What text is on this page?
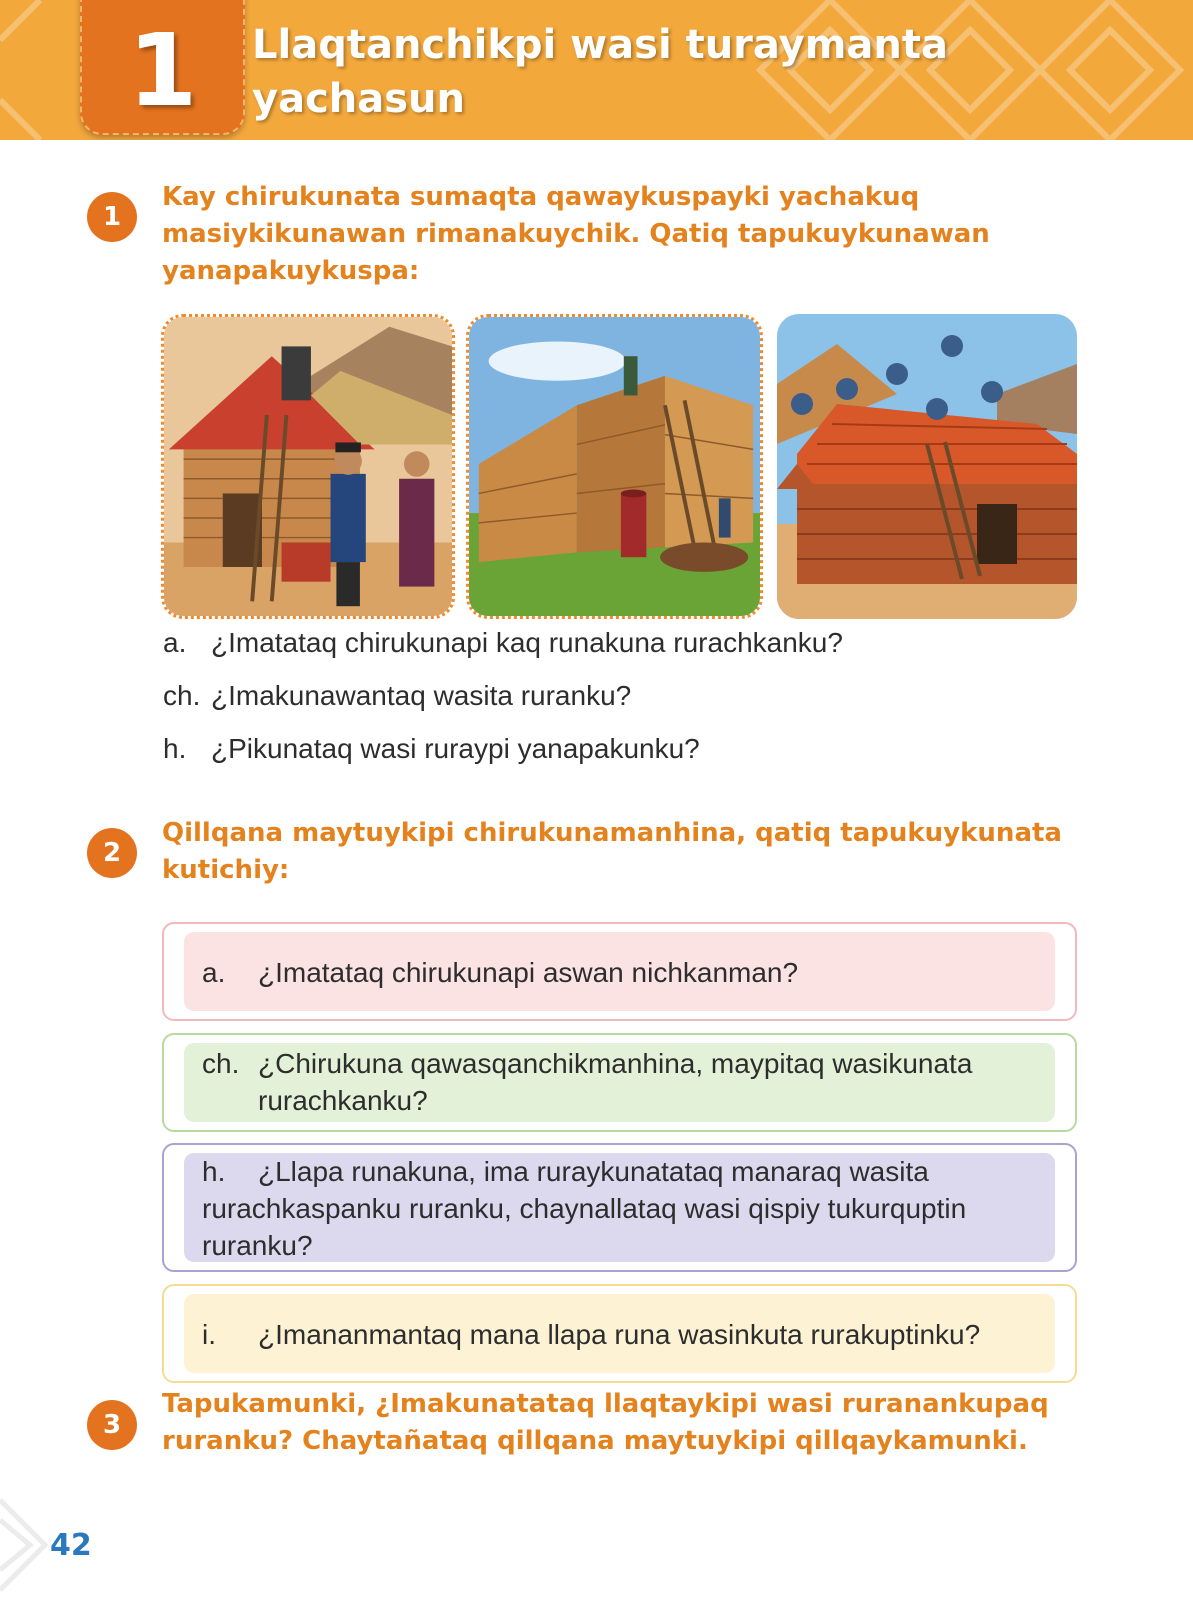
1	Llaqtanchikpi wasi turaymanta
yachasun
1
Kay chirukunata sumaqta qawaykuspayki yachakuq
masiykikunawan rimanakuychik. Qatiq tapukuykunawan
yanapakuykuspa:
a. ¿Imatataq chirukunapi kaq runakuna rurachkanku?
ch. ¿Imakunawantaq wasita ruranku?
h. ¿Pikunataq wasi ruraypi yanapakunku?
2
Qillqana maytuykipi chirukunamanhina, qatiq tapukuykunata
kutichiy:
a. ¿Imatataq chirukunapi aswan nichkanman?
ch. ¿Chirukuna qawasqanchikmanhina, maypitaq wasikunata
rurachkanku?
h. ¿Llapa runakuna, ima ruraykunatataq manaraq wasita
rurachkaspanku ruranku, chaynallataq wasi qispiy tukurquptin
ruranku?
i. ¿Imananmantaq mana llapa runa wasinkuta rurakuptinku?
3
Tapukamunki, ¿Imakunatataq llaqtaykipi wasi ruranankupaq
ruranku? Chaytañataq qillqana maytuykipi qillqaykamunki.
42
